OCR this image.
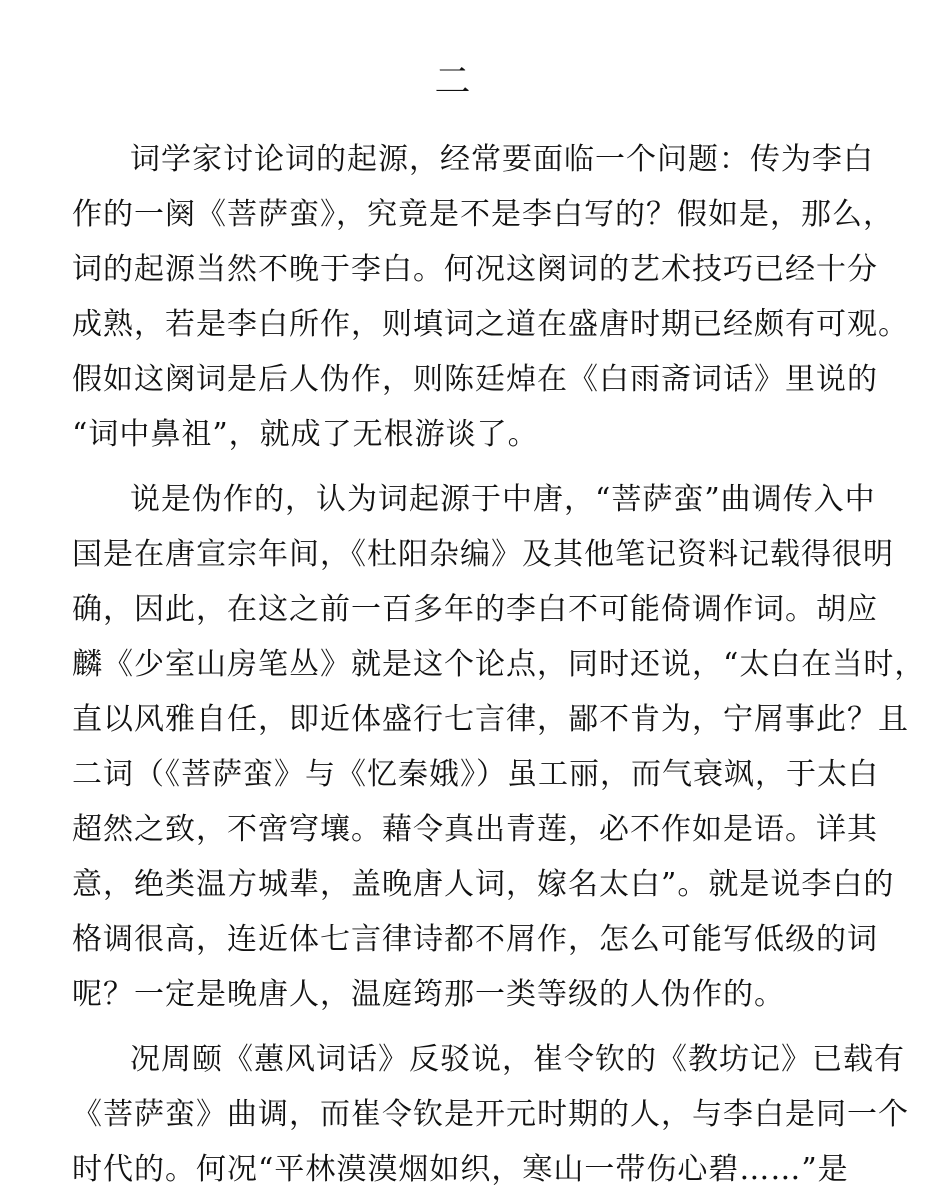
二
词学家讨论词的起源，经常要面临一个问题：传为李白
作的一阕《菩萨蛮》，究竟是不是李白写的？假如是，那么，
词的起源当然不晚于李白。何况这阕词的艺术技巧已经十分
成熟，若是李白所作，则填词之道在盛唐时期已经颇有可观。
假如这阕词是后人伪作，则陈廷焯在《白雨斋词话》里说的
“词中鼻祖”，就成了无根游谈了。
说是伪作的，认为词起源于中唐，“菩萨蛮”曲调传入中
国是在唐宣宗年间，《杜阳杂编》及其他笔记资料记载得很明
确，因此，在这之前一百多年的李白不可能倚调作词。胡应
麟《少室山房笔丛》就是这个论点，同时还说，“太白在当时，
直以风雅自任，即近体盛行七言律，鄙不肯为，宁屑事此？且
二词（《菩萨蛮》与《忆秦娥》）虽工丽，而气衰飒，于太白
超然之致，不啻穹壤。藉令真出青莲，必不作如是语。详其
意，绝类温方城辈，盖晚唐人词，嫁名太白”。就是说李白的
格调很高，连近体七言律诗都不屑作，怎么可能写低级的词
呢？一定是晚唐人，温庭筠那一类等级的人伪作的。
况周颐《蕙风词话》反驳说，崔令钦的《教坊记》已载有
《菩萨蛮》曲调，而崔令钦是开元时期的人，与李白是同一个
时代的。何况“平林漠漠烟如织，寒山一带伤心碧……”是
